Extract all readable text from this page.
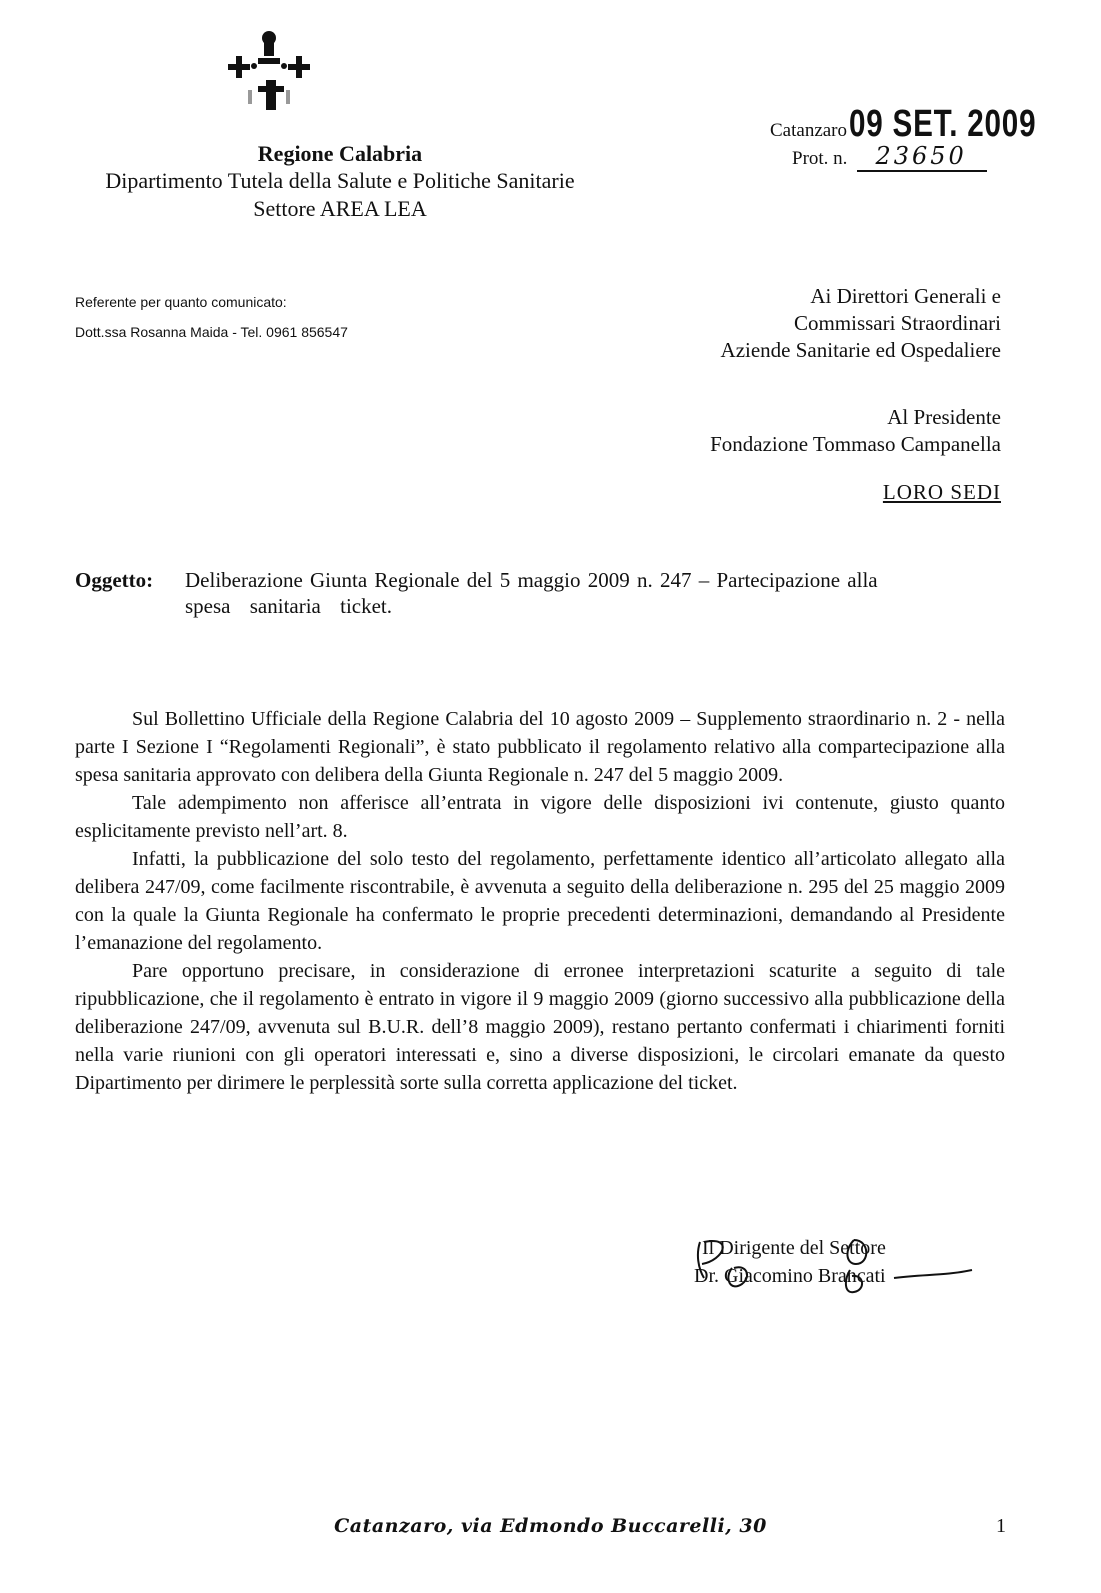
Regione Calabria
Dipartimento Tutela della Salute e Politiche Sanitarie
Settore AREA LEA
Catanzaro 09 SET. 2009
Prot. n.	23650
Referente per quanto comunicato:
Dott.ssa Rosanna Maida - Tel. 0961 856547
Ai Direttori Generali e
Commissari Straordinari
Aziende Sanitarie ed Ospedaliere
Al Presidente
Fondazione Tommaso Campanella
LORO SEDI
Oggetto: Deliberazione Giunta Regionale del 5 maggio 2009 n. 247 – Partecipazione alla
spesa sanitaria ticket.

Sul Bollettino Ufficiale della Regione Calabria del 10 agosto 2009 – Supplemento straordinario n. 2 - nella parte I Sezione I “Regolamenti Regionali”, è stato pubblicato il regolamento relativo alla compartecipazione alla spesa sanitaria approvato con delibera della Giunta Regionale n. 247 del 5 maggio 2009.

Tale adempimento non afferisce all’entrata in vigore delle disposizioni ivi contenute, giusto quanto esplicitamente previsto nell’art. 8.

Infatti, la pubblicazione del solo testo del regolamento, perfettamente identico all’articolato allegato alla delibera 247/09, come facilmente riscontrabile, è avvenuta a seguito della deliberazione n. 295 del 25 maggio 2009 con la quale la Giunta Regionale ha confermato le proprie precedenti determinazioni, demandando al Presidente l’emanazione del regolamento.

Pare opportuno precisare, in considerazione di erronee interpretazioni scaturite a seguito di tale ripubblicazione, che il regolamento è entrato in vigore il 9 maggio 2009 (giorno successivo alla pubblicazione della deliberazione 247/09, avvenuta sul B.U.R. dell’8 maggio 2009), restano pertanto confermati i chiarimenti forniti nella varie riunioni con gli operatori interessati e, sino a diverse disposizioni, le circolari emanate da questo Dipartimento per dirimere le perplessità sorte sulla corretta applicazione del ticket.

Il Dirigente del Settore
Dr. Giacomino Brancati
Catanzaro, via Edmondo Buccarelli, 30	1
